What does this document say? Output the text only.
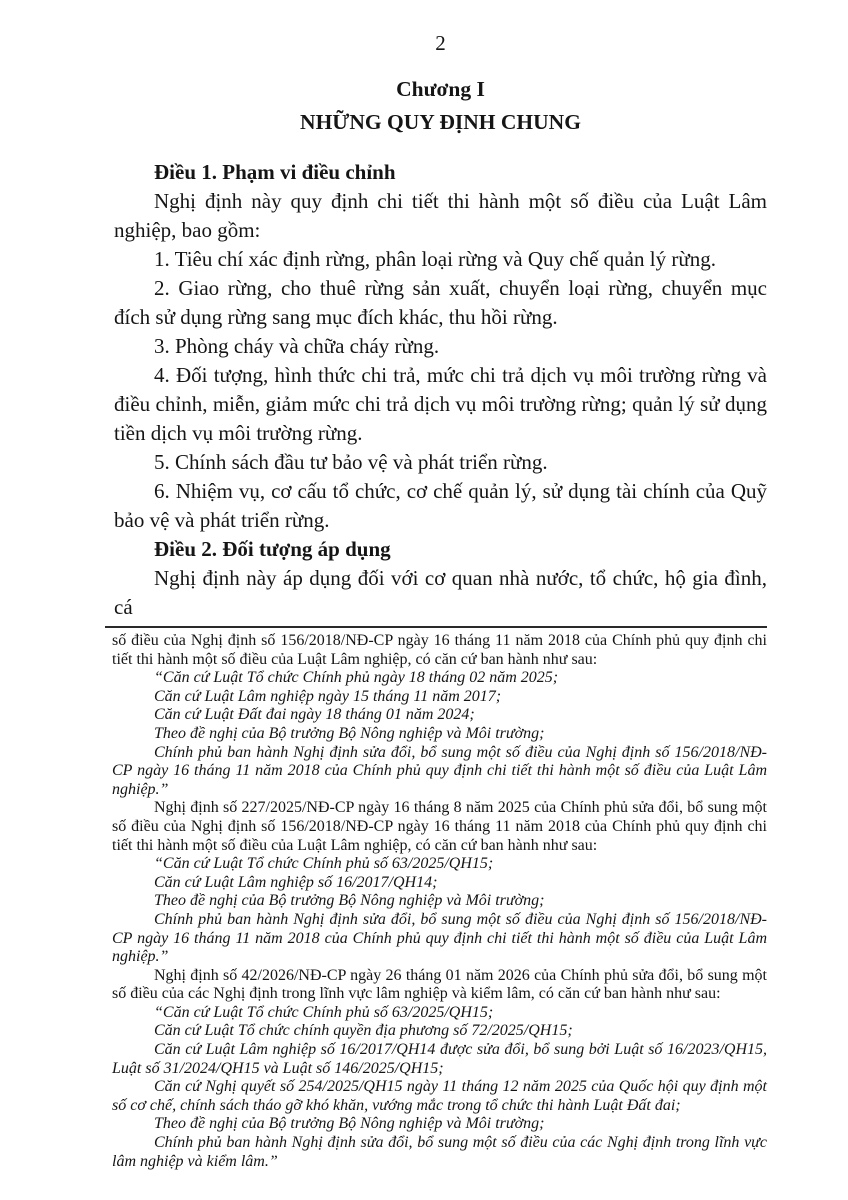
2
Chương I
NHỮNG QUY ĐỊNH CHUNG

Điều 1. Phạm vi điều chỉnh

Nghị định này quy định chi tiết thi hành một số điều của Luật Lâm nghiệp, bao gồm:

1. Tiêu chí xác định rừng, phân loại rừng và Quy chế quản lý rừng.

2. Giao rừng, cho thuê rừng sản xuất, chuyển loại rừng, chuyển mục đích sử dụng rừng sang mục đích khác, thu hồi rừng.

3. Phòng cháy và chữa cháy rừng.

4. Đối tượng, hình thức chi trả, mức chi trả dịch vụ môi trường rừng và điều chỉnh, miễn, giảm mức chi trả dịch vụ môi trường rừng; quản lý sử dụng tiền dịch vụ môi trường rừng.

5. Chính sách đầu tư bảo vệ và phát triển rừng.

6. Nhiệm vụ, cơ cấu tổ chức, cơ chế quản lý, sử dụng tài chính của Quỹ bảo vệ và phát triển rừng.

Điều 2. Đối tượng áp dụng

Nghị định này áp dụng đối với cơ quan nhà nước, tổ chức, hộ gia đình, cá

số điều của Nghị định số 156/2018/NĐ-CP ngày 16 tháng 11 năm 2018 của Chính phủ quy định chi tiết thi hành một số điều của Luật Lâm nghiệp, có căn cứ ban hành như sau:

“Căn cứ Luật Tổ chức Chính phủ ngày 18 tháng 02 năm 2025;

Căn cứ Luật Lâm nghiệp ngày 15 tháng 11 năm 2017;

Căn cứ Luật Đất đai ngày 18 tháng 01 năm 2024;

Theo đề nghị của Bộ trưởng Bộ Nông nghiệp và Môi trường;

Chính phủ ban hành Nghị định sửa đổi, bổ sung một số điều của Nghị định số 156/2018/NĐ-CP ngày 16 tháng 11 năm 2018 của Chính phủ quy định chi tiết thi hành một số điều của Luật Lâm nghiệp.”

Nghị định số 227/2025/NĐ-CP ngày 16 tháng 8 năm 2025 của Chính phủ sửa đổi, bổ sung một số điều của Nghị định số 156/2018/NĐ-CP ngày 16 tháng 11 năm 2018 của Chính phủ quy định chi tiết thi hành một số điều của Luật Lâm nghiệp, có căn cứ ban hành như sau:

“Căn cứ Luật Tổ chức Chính phủ số 63/2025/QH15;

Căn cứ Luật Lâm nghiệp số 16/2017/QH14;

Theo đề nghị của Bộ trưởng Bộ Nông nghiệp và Môi trường;

Chính phủ ban hành Nghị định sửa đổi, bổ sung một số điều của Nghị định số 156/2018/NĐ-CP ngày 16 tháng 11 năm 2018 của Chính phủ quy định chi tiết thi hành một số điều của Luật Lâm nghiệp.”

Nghị định số 42/2026/NĐ-CP ngày 26 tháng 01 năm 2026 của Chính phủ sửa đổi, bổ sung một số điều của các Nghị định trong lĩnh vực lâm nghiệp và kiểm lâm, có căn cứ ban hành như sau:

“Căn cứ Luật Tổ chức Chính phủ số 63/2025/QH15;

Căn cứ Luật Tổ chức chính quyền địa phương số 72/2025/QH15;

Căn cứ Luật Lâm nghiệp số 16/2017/QH14 được sửa đổi, bổ sung bởi Luật số 16/2023/QH15, Luật số 31/2024/QH15 và Luật số 146/2025/QH15;

Căn cứ Nghị quyết số 254/2025/QH15 ngày 11 tháng 12 năm 2025 của Quốc hội quy định một số cơ chế, chính sách tháo gỡ khó khăn, vướng mắc trong tổ chức thi hành Luật Đất đai;

Theo đề nghị của Bộ trưởng Bộ Nông nghiệp và Môi trường;

Chính phủ ban hành Nghị định sửa đổi, bổ sung một số điều của các Nghị định trong lĩnh vực lâm nghiệp và kiểm lâm.”
